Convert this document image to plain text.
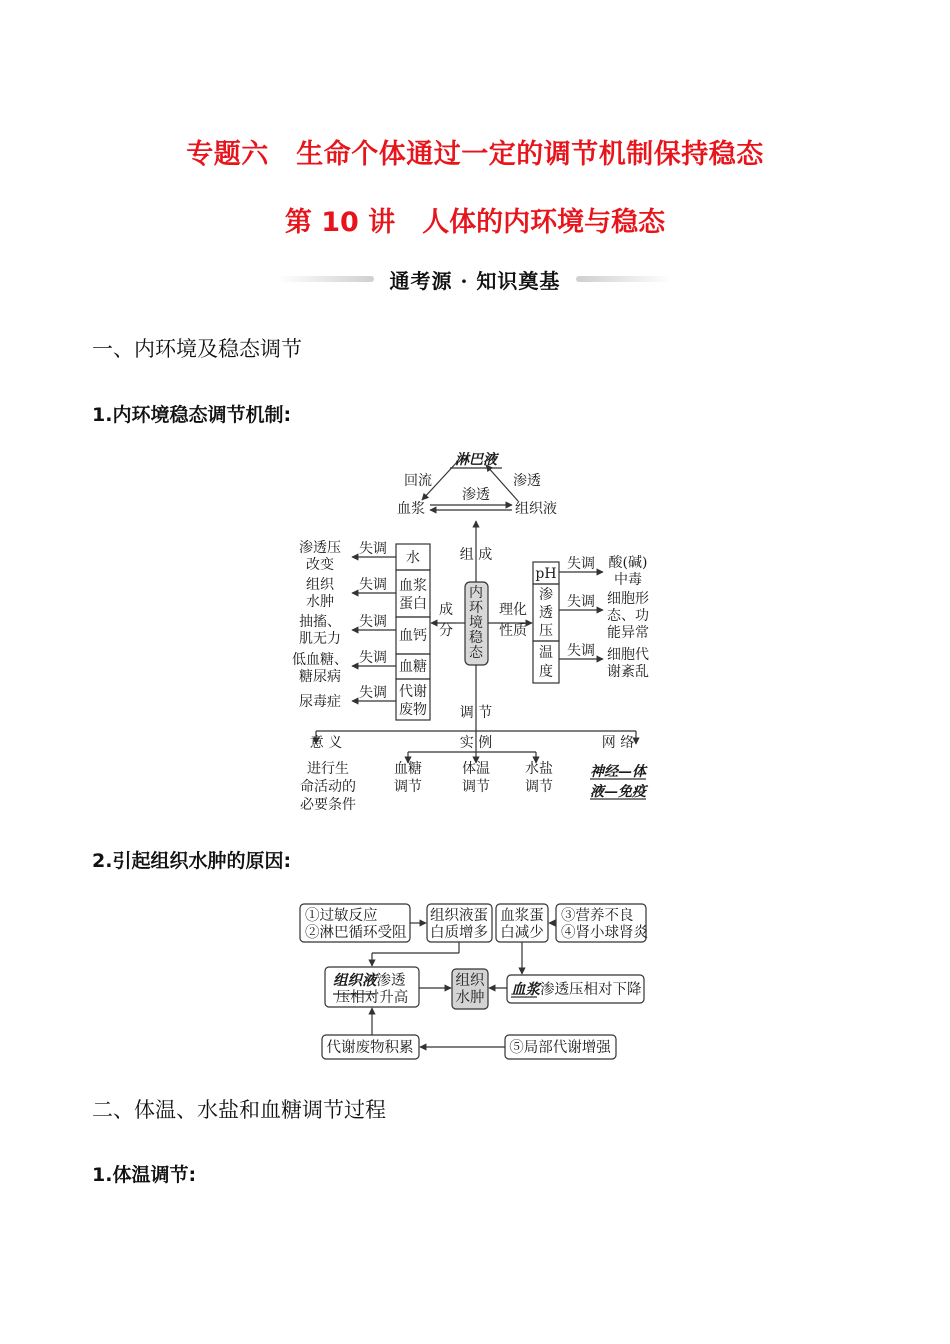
专题六　生命个体通过一定的调节机制保持稳态
第 10 讲　人体的内环境与稳态
通考源 · 知识奠基
一、内环境及稳态调节
1.内环境稳态调节机制:
淋巴液
回流	渗透
渗透
血浆	组织液
组 成
内
环
境
稳
态
成
分
理化
性质
调 节
水
血浆
蛋白
血钙
血糖
代谢
废物
失调
失调
失调
失调
失调
渗透压
改变
组织
水肿
抽搐、
肌无力
低血糖、
糖尿病
尿毒症
pH
渗
透
压
温
度
失调
失调
失调
酸(碱)
中毒
细胞形
态、功
能异常
细胞代
谢紊乱
意 义
进行生
命活动的
必要条件
实 例
血糖
调节
体温
调节
水盐
调节
网 络
神经—体
液—免疫
2.引起组织水肿的原因:
①过敏反应
②淋巴循环受阻
组织液蛋
白质增多
血浆蛋
白减少
③营养不良
④肾小球肾炎
组织液渗透
压相对升高
组织
水肿 血浆渗透压相对下降
代谢废物积累	⑤局部代谢增强
二、体温、水盐和血糖调节过程
1.体温调节:
